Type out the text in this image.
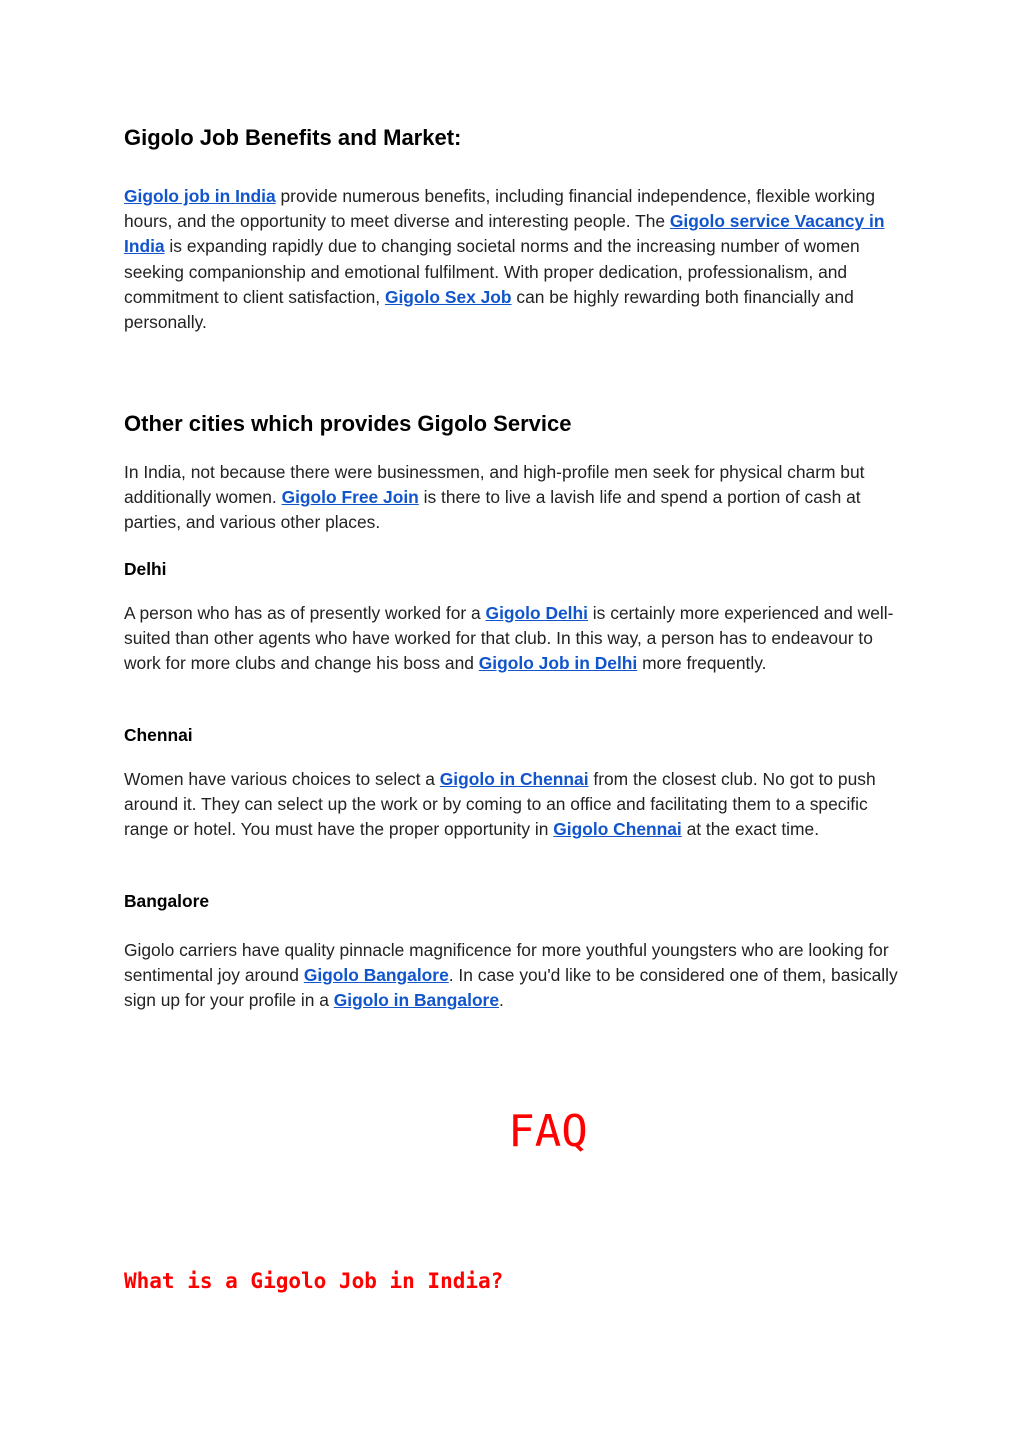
Gigolo Job Benefits and Market:

Gigolo job in India provide numerous benefits, including financial independence, flexible working hours, and the opportunity to meet diverse and interesting people. The Gigolo service Vacancy in India is expanding rapidly due to changing societal norms and the increasing number of women seeking companionship and emotional fulfilment. With proper dedication, professionalism, and commitment to client satisfaction, Gigolo Sex Job can be highly rewarding both financially and personally.

Other cities which provides Gigolo Service

In India, not because there were businessmen, and high-profile men seek for physical charm but additionally women. Gigolo Free Join is there to live a lavish life and spend a portion of cash at parties, and various other places.

Delhi

A person who has as of presently worked for a Gigolo Delhi is certainly more experienced and well-suited than other agents who have worked for that club. In this way, a person has to endeavour to work for more clubs and change his boss and Gigolo Job in Delhi more frequently.

Chennai

Women have various choices to select a Gigolo in Chennai from the closest club. No got to push around it. They can select up the work or by coming to an office and facilitating them to a specific range or hotel. You must have the proper opportunity in Gigolo Chennai at the exact time.

Bangalore

Gigolo carriers have quality pinnacle magnificence for more youthful youngsters who are looking for sentimental joy around Gigolo Bangalore. In case you'd like to be considered one of them, basically sign up for your profile in a Gigolo in Bangalore.

FAQ
What is a Gigolo Job in India?
